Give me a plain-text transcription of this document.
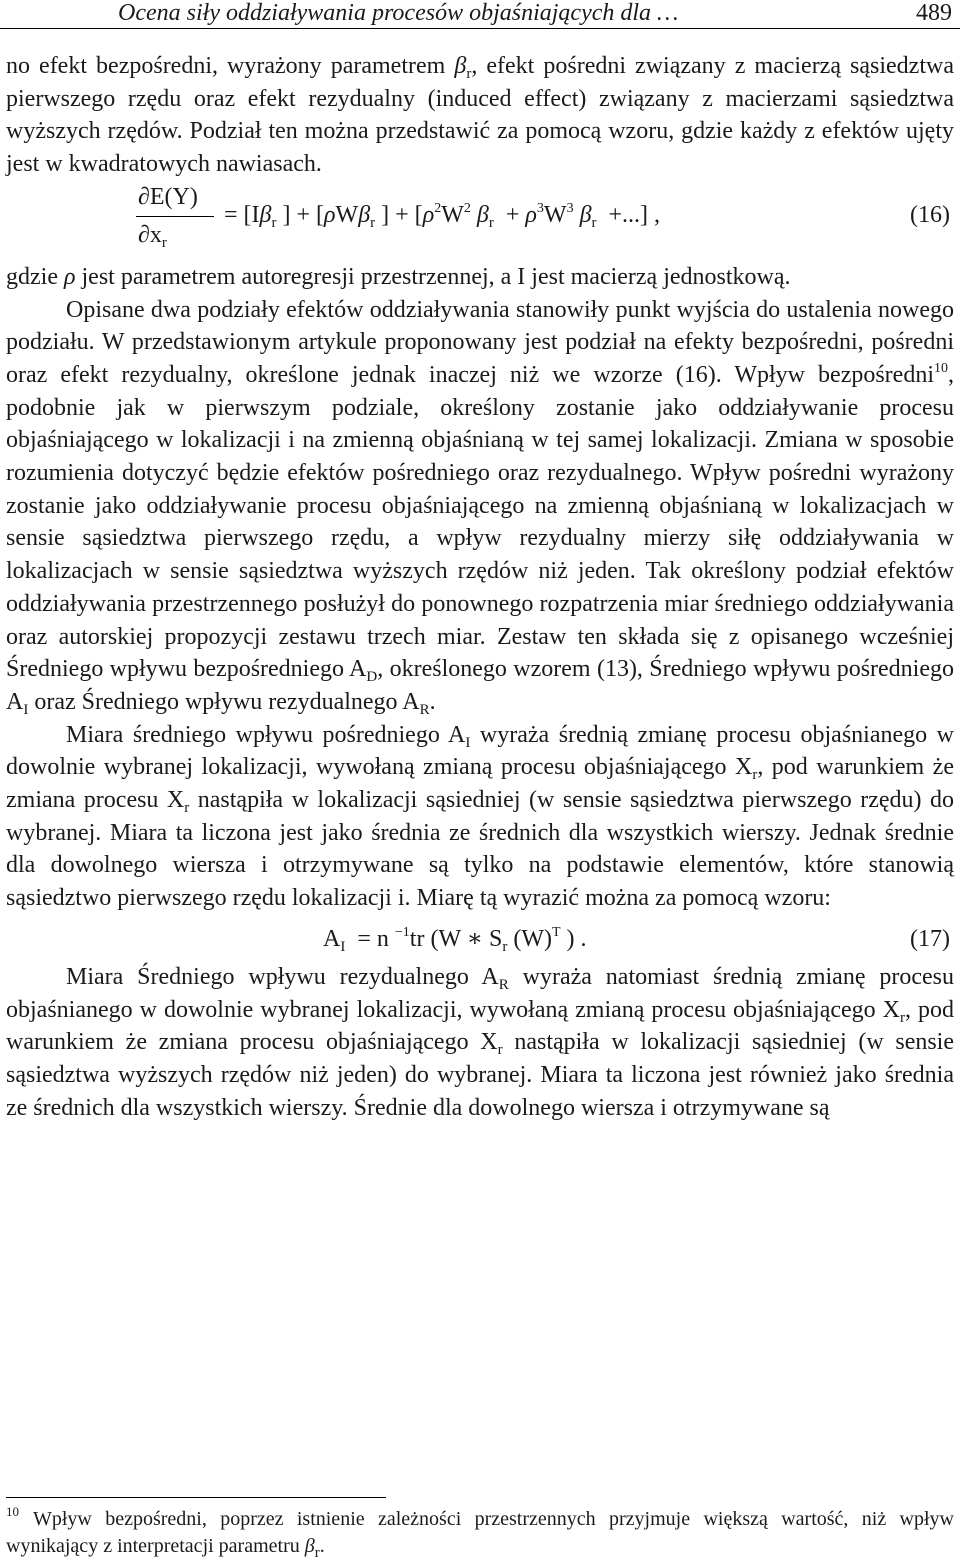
Ocena siły oddziaływania procesów objaśniających dla …	489

no efekt bezpośredni, wyrażony parametrem $\beta_r$, efekt pośredni związany z macierzą sąsiedztwa pierwszego rzędu oraz efekt rezydualny (induced effect) związany z macierzami sąsiedztwa wyższych rzędów. Podział ten można przedstawić za pomocą wzoru, gdzie każdy z efektów ujęty jest w kwadratowych nawiasach.

∂E(Y)
$\partial x_r$
= [$I\beta_r$ ] + [ρWβ$_r$ ] + [$\rho^2W^2$ $\beta_r + \rho^3W^3$ $\beta_r$  +...] ,	(16)

gdzie ρ jest parametrem autoregresji przestrzennej, a I jest macierzą jednostkową.

Opisane dwa podziały efektów oddziaływania stanowiły punkt wyjścia do ustalenia nowego podziału. W przedstawionym artykule proponowany jest podział na efekty bezpośredni, pośredni oraz efekt rezydualny, określone jednak inaczej niż we wzorze (16). Wpływ bezpośredni$^{10}$, podobnie jak w pierwszym podziale, określony zostanie jako oddziaływanie procesu objaśniającego w lokalizacji i na zmienną objaśnianą w tej samej lokalizacji. Zmiana w sposobie rozumienia dotyczyć będzie efektów pośredniego oraz rezydualnego. Wpływ pośredni wyrażony zostanie jako oddziaływanie procesu objaśniającego na zmienną objaśnianą w lokalizacjach w sensie sąsiedztwa pierwszego rzędu, a wpływ rezydualny mierzy siłę oddziaływania w lokalizacjach w sensie sąsiedztwa wyższych rzędów niż jeden. Tak określony podział efektów oddziaływania przestrzennego posłużył do ponownego rozpatrzenia miar średniego oddziaływania oraz autorskiej propozycji zestawu trzech miar. Zestaw ten składa się z opisanego wcześniej Średniego wpływu bezpośredniego $A_D$, określonego wzorem (13), Średniego wpływu pośredniego $A_I$ oraz Średniego wpływu rezydualnego $A_R$.

Miara średniego wpływu pośredniego $A_I$ wyraża średnią zmianę procesu objaśnianego w dowolnie wybranej lokalizacji, wywołaną zmianą procesu objaśniającego $X_r$, pod warunkiem że zmiana procesu $X_r$ nastąpiła w lokalizacji sąsiedniej (w sensie sąsiedztwa pierwszego rzędu) do wybranej. Miara ta liczona jest jako średnia ze średnich dla wszystkich wierszy. Jednak średnie dla dowolnego wiersza i otrzymywane są tylko na podstawie elementów, które stanowią sąsiedztwo pierwszego rzędu lokalizacji i. Miarę tą wyrazić można za pomocą wzoru:

$A_I = n$ $^{-1}$tr (W ∗ $S_r$ $(W)^T$ ) .	(17)

Miara Średniego wpływu rezydualnego $A_R$ wyraża natomiast średnią zmianę procesu objaśnianego w dowolnie wybranej lokalizacji, wywołaną zmianą procesu objaśniającego $X_r$, pod warunkiem że zmiana procesu objaśniającego $X_r$ nastąpiła w lokalizacji sąsiedniej (w sensie sąsiedztwa wyższych rzędów niż jeden) do wybranej. Miara ta liczona jest również jako średnia ze średnich dla wszystkich wierszy. Średnie dla dowolnego wiersza i otrzymywane są

$^{10}$ Wpływ bezpośredni, poprzez istnienie zależności przestrzennych przyjmuje większą wartość, niż wpływ wynikający z interpretacji parametru $\beta_r$.
